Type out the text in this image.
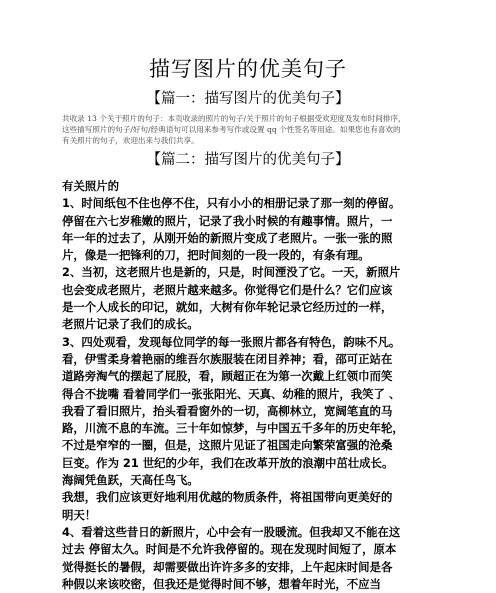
描写图片的优美句子
【篇一：描写图片的优美句子】
共收录 13 个关于照片的句子：本页收录的照片的句子/关于照片的句子根据受欢迎度及发布时间排序，
这些描写照片的句子/好句/经典语句可以用来参考写作或设置 qq 个性签名等用途。如果您也有喜欢的
有关照片的句子，欢迎出来与我们共享。
【篇二：描写图片的优美句子】

有关照片的

1、时间纸包不住也停不住，只有小小的相册记录了那一刻的停留。

停留在六七岁稚嫩的照片，记录了我小时候的有趣事情。照片，一

年一年的过去了，从刚开始的新照片变成了老照片。一张一张的照

片，像是一把锋利的刀，把时间刻的一段一段的，有条有理。

2、当初，这老照片也是新的，只是，时间湮没了它。一天，新照片

也会变成老照片，老照片越来越多。你觉得它们是什么？它们应该

是一个人成长的印记，就如，大树有你年轮记录它经历过的一样，

老照片记录了我们的成长。

3、四处观看，发现每位同学的每一张照片都各有特色，韵味不凡。

看，伊雪柔身着艳丽的维吾尔族服装在闭目养神；看，邵可正站在

道路旁淘气的摆起了屁股，看，顾超正在为第一次戴上红领巾而笑

得合不拢嘴 看着同学们一张张阳光、天真、幼稚的照片，我笑了 、

我看了看旧照片，抬头看看窗外的一切，高柳林立，宽阔笔直的马

路，川流不息的车流。三十年如惊梦，与中国五千多年的历史年轮，

不过是窄窄的一圈，但是，这照片见证了祖国走向繁荣富强的沧桑

巨变。作为 21 世纪的少年，我们在改革开放的浪潮中茁壮成长。

海阔凭鱼跃，天高任鸟飞。

我想，我们应该更好地利用优越的物质条件，将祖国带向更美好的

明天！

4、看着这些昔日的新照片，心中会有一股暖流。但我却又不能在这

过去 停留太久。时间是不允许我停留的。现在发现时间短了，原本

觉得挺长的暑假，却需要做出许许多多的安排，上午起床时间是各

种假以来该咬密，但我还是觉得时间不够，想着年时光，不应当
